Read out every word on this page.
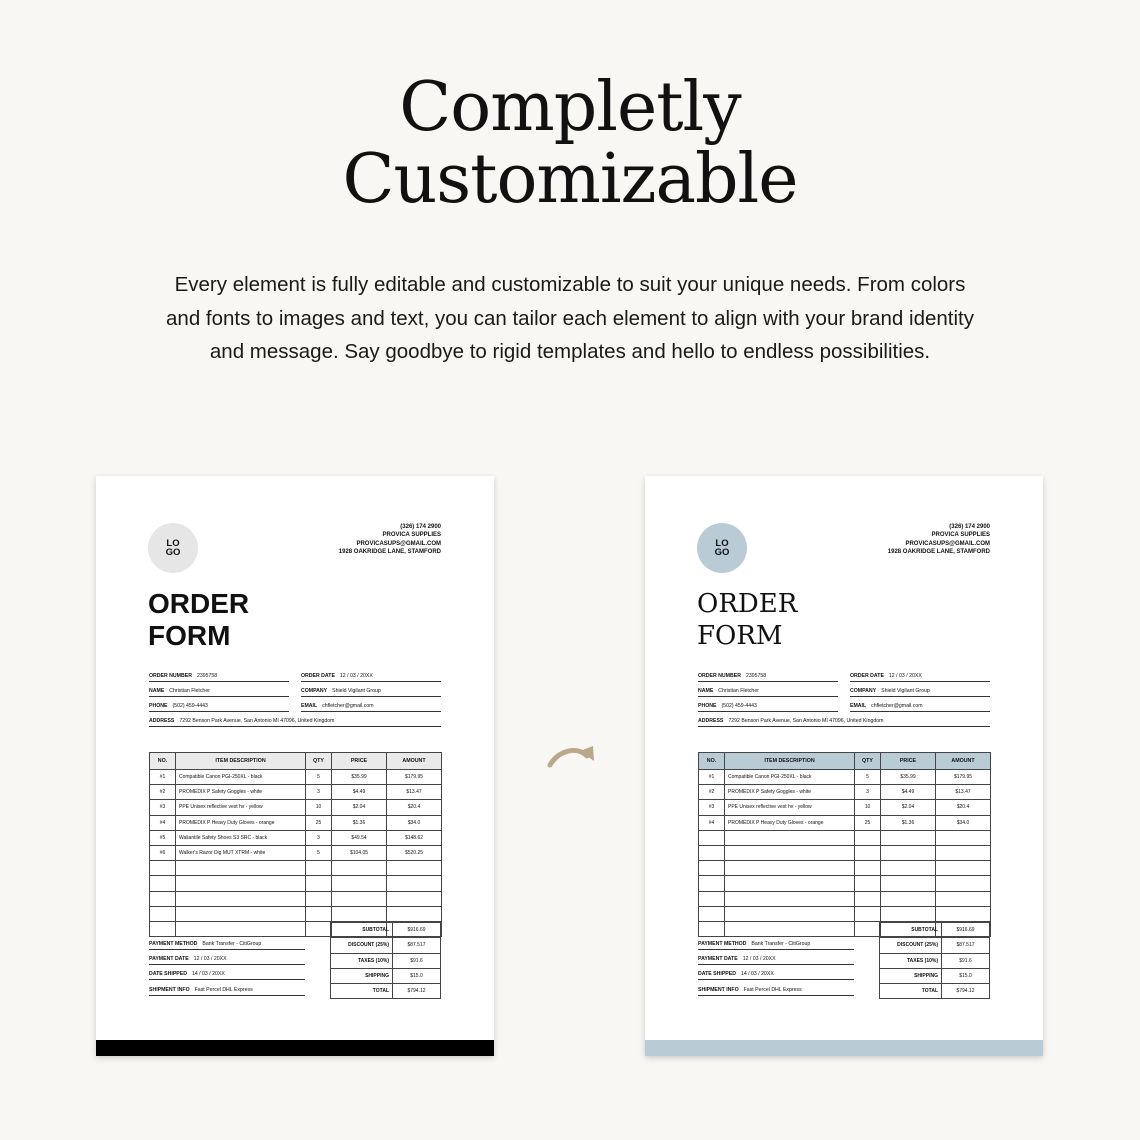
Completly
Customizable
Every element is fully editable and customizable to suit your unique needs. From colors
and fonts to images and text, you can tailor each element to align with your brand identity
and message. Say goodbye to rigid templates and hello to endless possibilities.
LO
GO
(326) 174 2900
PROVICA SUPPLIES
PROVICASUPS@GMAIL.COM
1928 OAKRIDGE LANE, STAMFORD
ORDER
FORM
ORDER NUMBER 2395758	ORDER DATE 12 / 03 / 20XX
NAME Christian Fletcher	COMPANY Shield Vigilant Group
PHONE (502) 459-4443	EMAIL chfletcher@gmail.com
ADDRESS 7292 Benson Park Avenue, San Antonio MI 47096, United Kingdom
NO.	ITEM DESCRIPTION	QTY	PRICE	AMOUNT
#1	Compatible Canon PGI-250XL - black	5	$35.99	$179.95
#2	PROMEDIX P Safety Goggles - white	3	$4.49	$13.47
#3	PPE Unisex reflective vest hv - yellow	10	$2.04	$20.4
#4	PROMEDIX P Heavy Duty Gloves - orange	25	$1.36	$34.0
#5	Waliantile Safety Shoes S3 SRC - black	3	$49.54	$148.62
#6	Walker's Razor Dig MUT XTRM - white	5	$104.05	$520.25

PAYMENT METHOD Bank Transfer - CitiGroup
PAYMENT DATE 12 / 03 / 20XX
DATE SHIPPED 14 / 03 / 20XX
SHIPMENT INFO Fast Percel DHL Express
SUBTOTAL	$916.69
DISCOUNT (25%)	$87.517
TAXES (10%)	$91.6
SHIPPING	$15.0
TOTAL	$794.12
LO
GO
(326) 174 2900
PROVICA SUPPLIES
PROVICASUPS@GMAIL.COM
1928 OAKRIDGE LANE, STAMFORD
ORDER
FORM
ORDER NUMBER 2395758	ORDER DATE 12 / 03 / 20XX
NAME Christian Fletcher	COMPANY Shield Vigilant Group
PHONE (502) 459-4443	EMAIL chfletcher@gmail.com
ADDRESS 7292 Benson Park Avenue, San Antonio MI 47096, United Kingdom
NO.	ITEM DESCRIPTION	QTY	PRICE	AMOUNT
#1	Compatible Canon PGI-250XL - black	5	$35.99	$179.95
#2	PROMEDIX P Safety Goggles - white	3	$4.49	$13.47
#3	PPE Unisex reflective vest hv - yellow	10	$2.04	$20.4
#4	PROMEDIX P Heavy Duty Gloves - orange	25	$1.36	$34.0

PAYMENT METHOD Bank Transfer - CitiGroup
PAYMENT DATE 12 / 03 / 20XX
DATE SHIPPED 14 / 03 / 20XX
SHIPMENT INFO Fast Percel DHL Express
SUBTOTAL	$916.69
DISCOUNT (25%)	$87.517
TAXES (10%)	$91.6
SHIPPING	$15.0
TOTAL	$794.12
